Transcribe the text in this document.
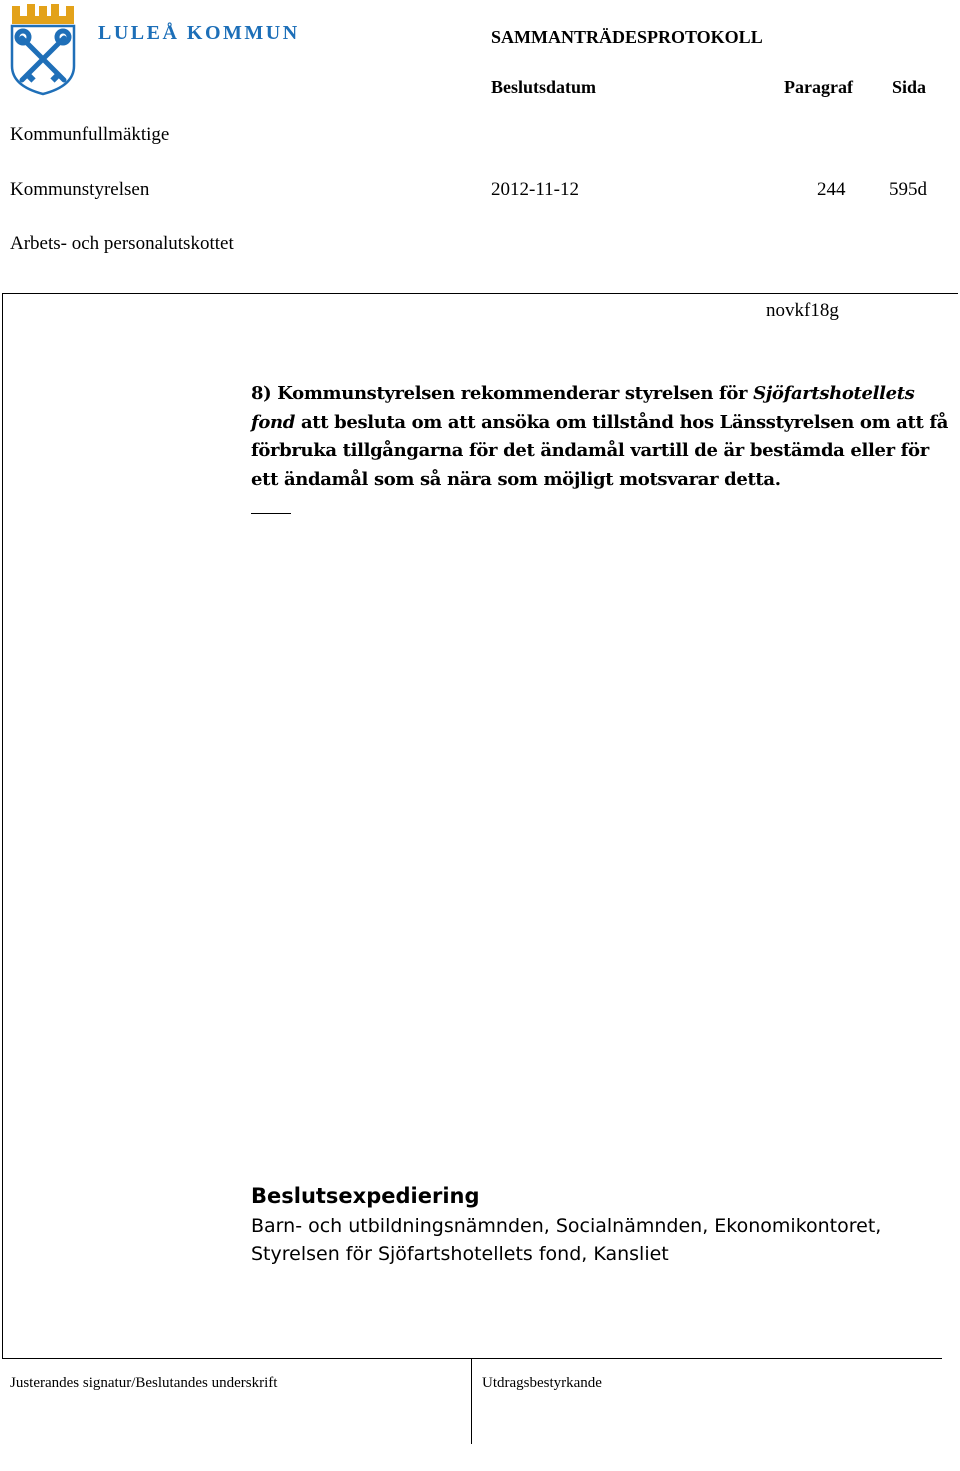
LULEÅ KOMMUN	SAMMANTRÄDESPROTOKOLL
Beslutsdatum	Paragraf Sida
Kommunfullmäktige
Kommunstyrelsen	2012-11-12	244 595d
Arbets- och personalutskottet
novkf18g
8) Kommunstyrelsen rekommenderar styrelsen för Sjöfartshotellets fond att besluta om att ansöka om tillstånd hos Länsstyrelsen om att få förbruka tillgångarna för det ändamål vartill de är bestämda eller för ett ändamål som så nära som möjligt motsvarar detta.
Beslutsexpediering
Barn- och utbildningsnämnden, Socialnämnden, Ekonomikontoret,
Styrelsen för Sjöfartshotellets fond, Kansliet
Justerandes signatur/Beslutandes underskrift	Utdragsbestyrkande
